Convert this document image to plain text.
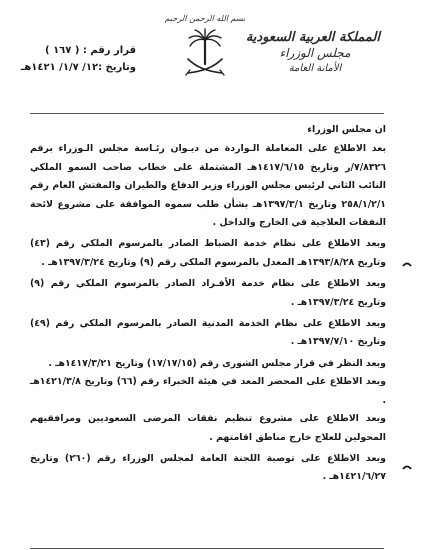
المملكة العربية السعودية
مجلس الوزراء
الأمانة العامة
بسم الله الرحمن الرحيم
قرار رقم : ( ١٦٧ )
وتاريخ :١٢/ ١/٧/ ١٤٢١هـ

ان مجلس الوزراء

بعد الاطلاع على المعاملة الـواردة من ديـوان رئـاسة مجلس الـوزراء برقم ٧/٨٣٢٦/ر وتاريخ ١٤١٧/٦/١٥هـ المشتملة على خطاب صاحب السمو الملكي النائب الثاني لرئيس مجلس الوزراء وزير الدفاع والطيران والمفتش العام رقم ٢٥٨/١/٢/١ وتاريخ ١٣٩٧/٣/١هـ بشأن طلب سموه الموافقة على مشروع لائحة النفقات العلاجية في الخارج والداخل .

وبعد الاطلاع على نظام خدمة الضباط الصادر بالمرسوم الملكي رقم (٤٣) وتاريخ ١٣٩٣/٨/٢٨هـ المعدل بالمرسوم الملكي رقم (٩) وتاريخ ١٣٩٧/٣/٢٤هـ .

وبعد الاطلاع على نظام خدمة الأفـراد الصادر بالمرسوم الملكي رقم (٩) وتاريخ ١٣٩٧/٣/٢٤هـ .

وبعد الاطلاع على نظام الخدمة المدنية الصادر بالمرسوم الملكي رقم (٤٩) وتاريخ ١٣٩٧/٧/١٠هـ .

وبعد النظر في قرار مجلس الشورى رقم (١٧/١٧/١٥) وتاريخ ١٤١٧/٣/٢١هـ .

وبعد الاطلاع على المحضر المعد في هيئة الخبراء رقم (٦٦) وتاريخ ١٤٢١/٣/٨هـ .

وبعد الاطلاع على مشروع تنظيم نفقات المرضى السعوديين ومرافقيهم المحولين للعلاج خارج مناطق اقامتهم .

وبعد الاطلاع على توصية اللجنة العامة لمجلس الوزراء رقم (٢٦٠) وتاريخ ١٤٢١/٦/٢٧هـ .
